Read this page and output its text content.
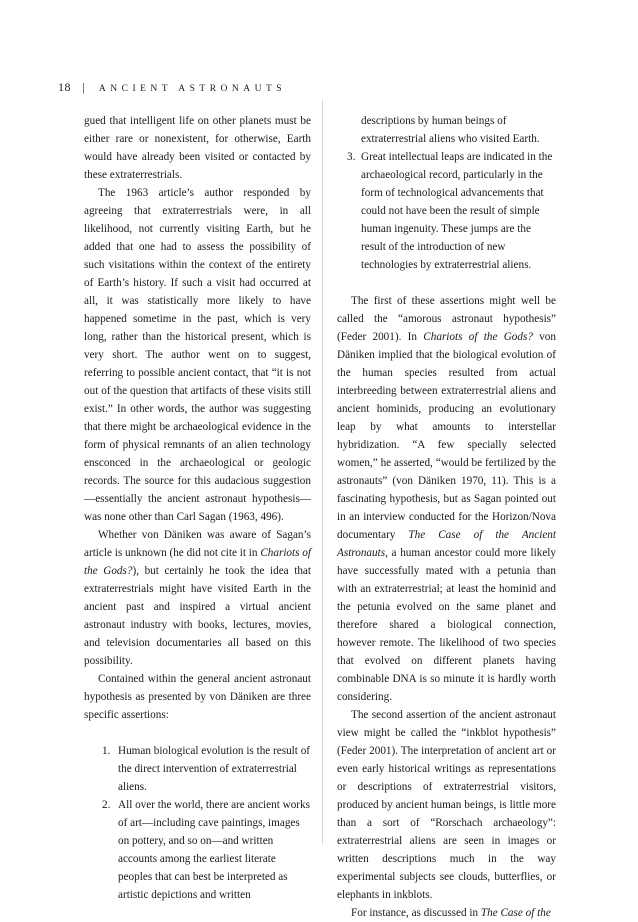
18 | ANCIENT ASTRONAUTS

gued that intelligent life on other planets must be either rare or nonexistent, for otherwise, Earth would have already been visited or contacted by these extraterrestrials.

The 1963 article’s author responded by agreeing that extraterrestrials were, in all likelihood, not currently visiting Earth, but he added that one had to assess the possibility of such visitations within the context of the entirety of Earth’s history. If such a visit had occurred at all, it was statistically more likely to have happened sometime in the past, which is very long, rather than the historical present, which is very short. The author went on to suggest, referring to possible ancient contact, that “it is not out of the question that artifacts of these visits still exist.” In other words, the author was suggesting that there might be archaeological evidence in the form of physical remnants of an alien technology ensconced in the archaeological or geologic records. The source for this audacious suggestion—essentially the ancient astronaut hypothesis—was none other than Carl Sagan (1963, 496).

Whether von Däniken was aware of Sagan’s article is unknown (he did not cite it in Chariots of the Gods?), but certainly he took the idea that extraterrestrials might have visited Earth in the ancient past and inspired a virtual ancient astronaut industry with books, lectures, movies, and television documentaries all based on this possibility.

Contained within the general ancient astronaut hypothesis as presented by von Däniken are three specific assertions:

1. Human biological evolution is the result of the direct intervention of extraterrestrial aliens.
2. All over the world, there are ancient works of art—including cave paintings, images on pottery, and so on—and written accounts among the earliest literate peoples that can best be interpreted as artistic depictions and written
descriptions by human beings of extraterrestrial aliens who visited Earth.
3. Great intellectual leaps are indicated in the archaeological record, particularly in the form of technological advancements that could not have been the result of simple human ingenuity. These jumps are the result of the introduction of new technologies by extraterrestrial aliens.

The first of these assertions might well be called the “amorous astronaut hypothesis” (Feder 2001). In Chariots of the Gods? von Däniken implied that the biological evolution of the human species resulted from actual interbreeding between extraterrestrial aliens and ancient hominids, producing an evolutionary leap by what amounts to interstellar hybridization. “A few specially selected women,” he asserted, “would be fertilized by the astronauts” (von Däniken 1970, 11). This is a fascinating hypothesis, but as Sagan pointed out in an interview conducted for the Horizon/Nova documentary The Case of the Ancient Astronauts, a human ancestor could more likely have successfully mated with a petunia than with an extraterrestrial; at least the hominid and the petunia evolved on the same planet and therefore shared a biological connection, however remote. The likelihood of two species that evolved on different planets having combinable DNA is so minute it is hardly worth considering.

The second assertion of the ancient astronaut view might be called the “inkblot hypothesis” (Feder 2001). The interpretation of ancient art or even early historical writings as representations or descriptions of extraterrestrial visitors, produced by ancient human beings, is little more than a sort of “Rorschach archaeology”: extraterrestrial aliens are seen in images or written descriptions much in the way experimental subjects see clouds, butterflies, or elephants in inkblots.

For instance, as discussed in The Case of the
